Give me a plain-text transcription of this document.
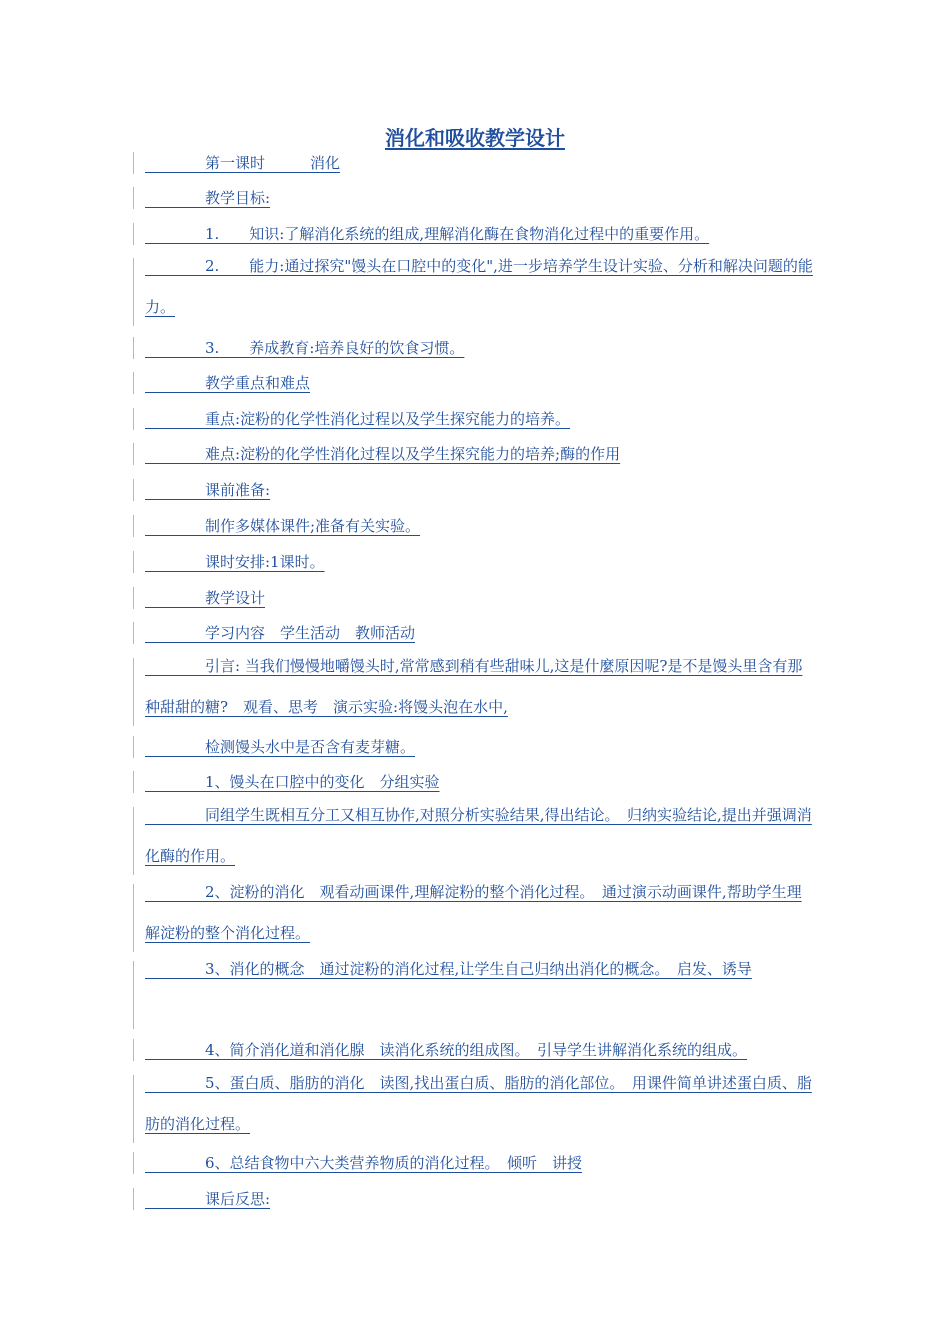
消化和吸收教学设计
　　　　第一课时　　　消化
　　　　教学目标:
　　　　1.　　知识:了解消化系统的组成,理解消化酶在食物消化过程中的重要作用。
　　　　2.　　能力:通过探究"馒头在口腔中的变化",进一步培养学生设计实验、分析和解决问题的能力。
　　　　3.　　养成教育:培养良好的饮食习惯。
　　　　教学重点和难点
　　　　重点:淀粉的化学性消化过程以及学生探究能力的培养。
　　　　难点:淀粉的化学性消化过程以及学生探究能力的培养;酶的作用
　　　　课前准备:
　　　　制作多媒体课件;准备有关实验。
　　　　课时安排:1课时。
　　　　教学设计
　　　　学习内容　学生活动　教师活动
　　　　引言: 当我们慢慢地嚼馒头时,常常感到稍有些甜味儿,这是什麼原因呢?是不是馒头里含有那种甜甜的糖?　观看、思考　演示实验:将馒头泡在水中,
　　　　检测馒头水中是否含有麦芽糖。
　　　　1、馒头在口腔中的变化　分组实验
　　　　同组学生既相互分工又相互协作,对照分析实验结果,得出结论。　归纳实验结论,提出并强调消化酶的作用。
　　　　2、淀粉的消化　观看动画课件,理解淀粉的整个消化过程。　通过演示动画课件,帮助学生理解淀粉的整个消化过程。
　　　　3、消化的概念　通过淀粉的消化过程,让学生自己归纳出消化的概念。　启发、诱导
　　　　4、简介消化道和消化腺　读消化系统的组成图。　引导学生讲解消化系统的组成。
　　　　5、蛋白质、脂肪的消化　读图,找出蛋白质、脂肪的消化部位。　用课件简单讲述蛋白质、脂肪的消化过程。
　　　　6、总结食物中六大类营养物质的消化过程。　倾听　讲授
　　　　课后反思:
